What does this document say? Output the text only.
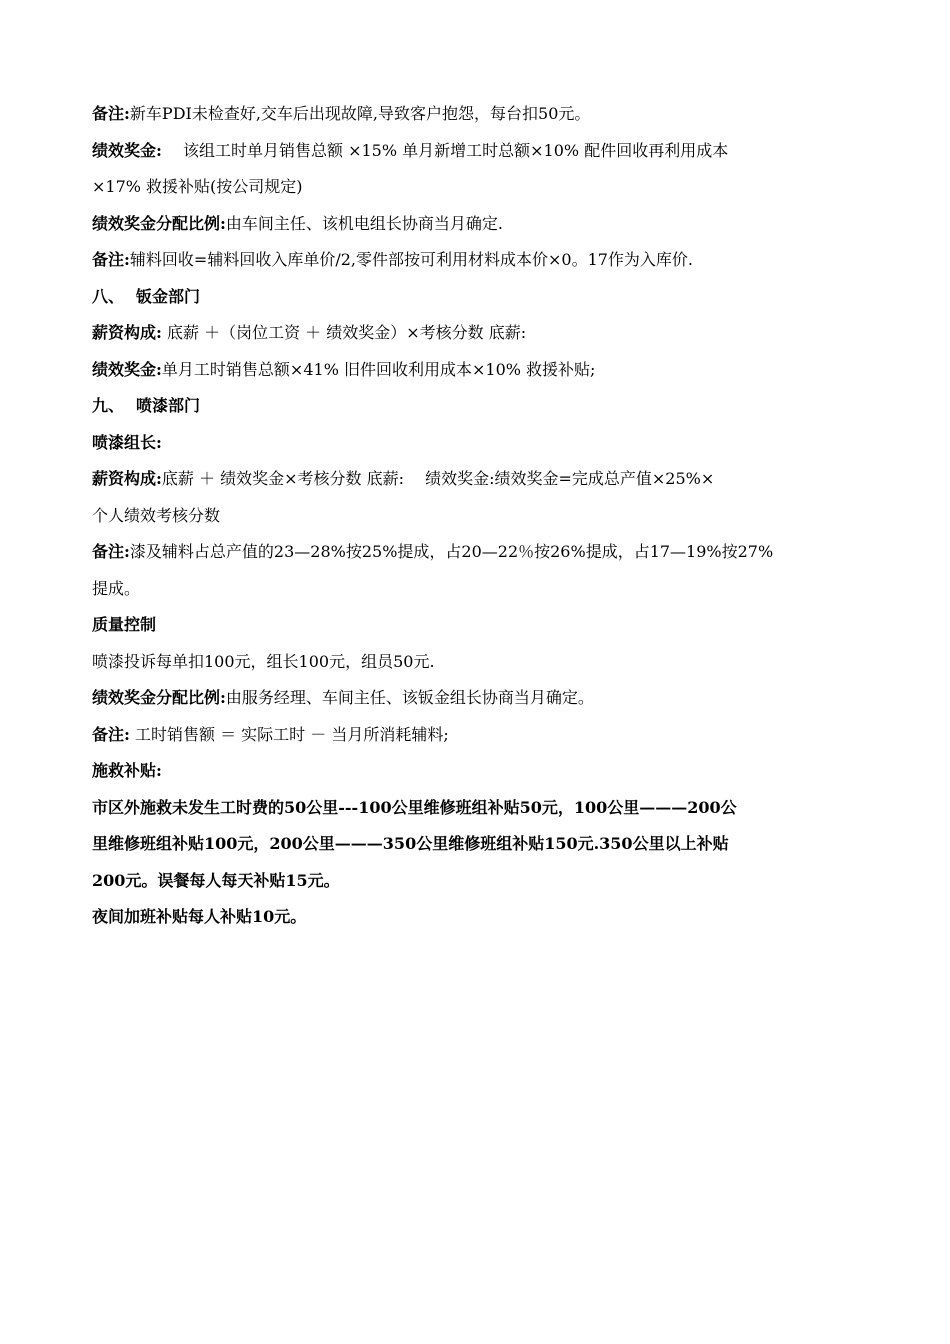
备注:新车PDI未检查好,交车后出现故障,导致客户抱怨，每台扣50元。
绩效奖金:　 该组工时单月销售总额 ×15% 单月新增工时总额×10% 配件回收再利用成本
×17% 救援补贴(按公司规定)
绩效奖金分配比例:由车间主任、该机电组长协商当月确定.
备注:辅料回收=辅料回收入库单价/2,零件部按可利用材料成本价×0。17作为入库价.
八、 钣金部门
薪资构成: 底薪 ＋（岗位工资 ＋ 绩效奖金）×考核分数 底薪:
绩效奖金:单月工时销售总额×41% 旧件回收利用成本×10% 救援补贴;
九、 喷漆部门
喷漆组长:
薪资构成:底薪 ＋ 绩效奖金×考核分数 底薪: 　绩效奖金:绩效奖金=完成总产值×25%×
个人绩效考核分数
备注:漆及辅料占总产值的23—28%按25%提成，占20—22％按26%提成，占17—19%按27%
提成。
质量控制
喷漆投诉每单扣100元，组长100元，组员50元.
绩效奖金分配比例:由服务经理、车间主任、该钣金组长协商当月确定。
备注: 工时销售额 ＝ 实际工时 － 当月所消耗辅料;
施救补贴:
市区外施救未发生工时费的50公里---100公里维修班组补贴50元，100公里———200公
里维修班组补贴100元，200公里———350公里维修班组补贴150元.350公里以上补贴
200元。误餐每人每天补贴15元。
夜间加班补贴每人补贴10元。
